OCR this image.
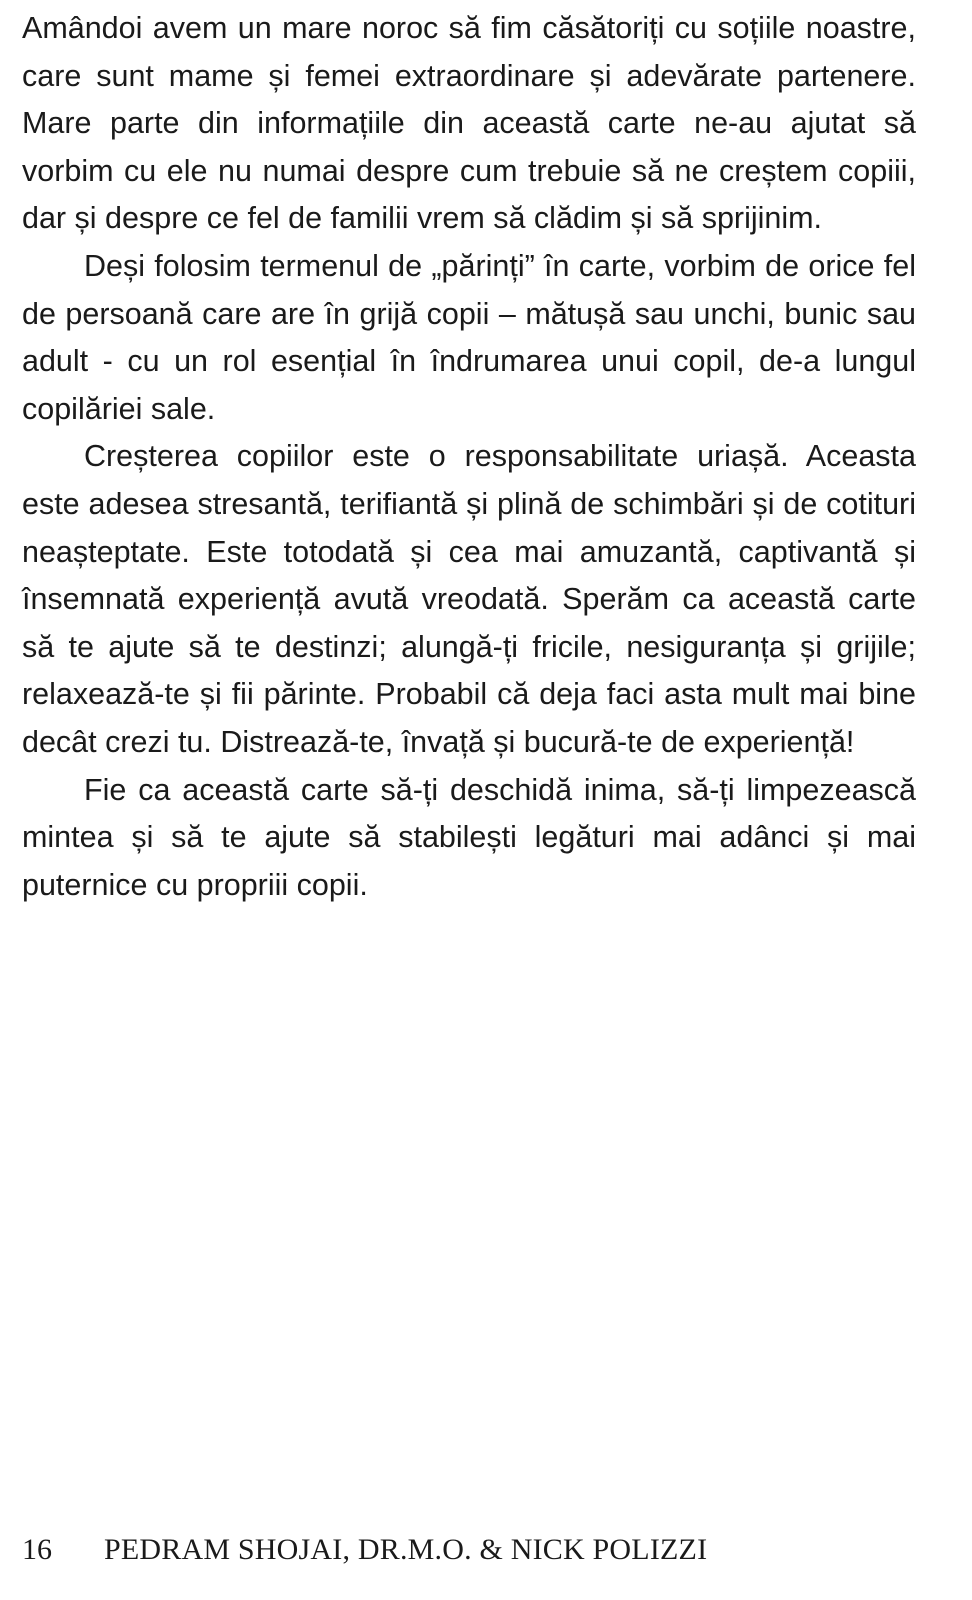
Amândoi avem un mare noroc să fim căsătoriți cu soțiile noastre, care sunt mame și femei extraordinare și adevărate partenere. Mare parte din informațiile din această carte ne-au ajutat să vorbim cu ele nu numai despre cum trebuie să ne creștem copiii, dar și despre ce fel de familii vrem să clădim și să sprijinim.

Deși folosim termenul de „părinți” în carte, vorbim de orice fel de persoană care are în grijă copii – mătușă sau unchi, bunic sau adult - cu un rol esențial în îndrumarea unui copil, de-a lungul copilăriei sale.

Creșterea copiilor este o responsabilitate uriașă. Aceasta este adesea stresantă, terifiantă și plină de schimbări și de cotituri neașteptate. Este totodată și cea mai amuzantă, captivantă și însemnată experiență avută vreodată. Sperăm ca această carte să te ajute să te destinzi; alungă-ți fricile, nesiguranța și grijile; relaxează-te și fii părinte. Probabil că deja faci asta mult mai bine decât crezi tu. Distrează-te, învață și bucură-te de experiență!

Fie ca această carte să-ți deschidă inima, să-ți limpezească mintea și să te ajute să stabilești legături mai adânci și mai puternice cu propriii copii.

16 PEDRAM SHOJAI, DR.M.O. & NICK POLIZZI
